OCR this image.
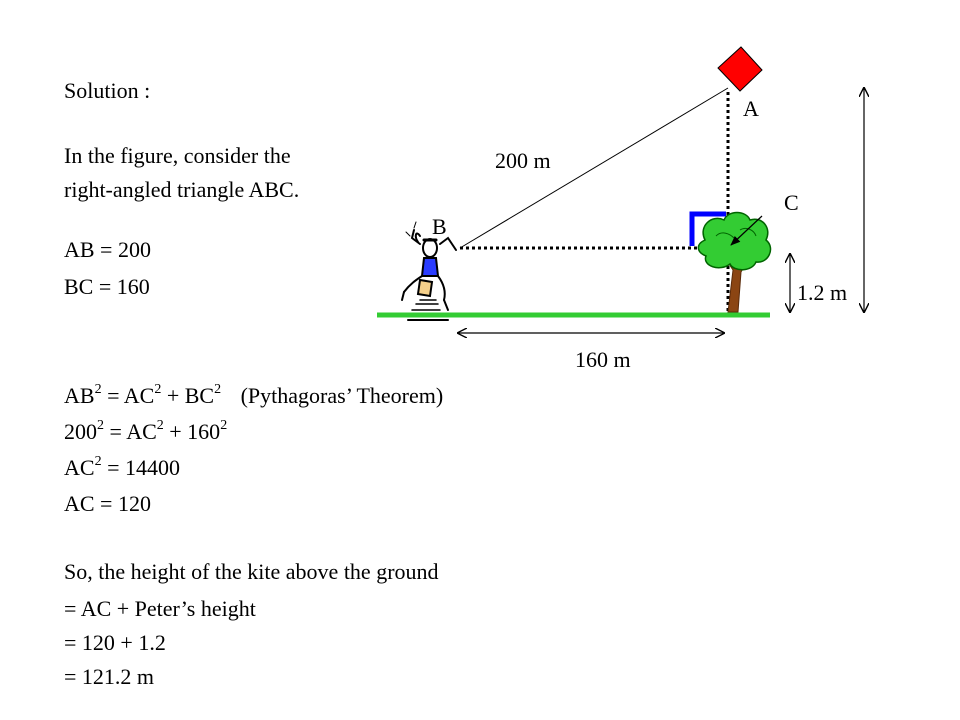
Solution :
In the figure, consider the
right-angled triangle ABC.
AB = 200
BC = 160
$AB^2 = AC^2 + BC^2$ (Pythagoras’ Theorem)
$200^2 = AC^2 + 160^2$
$AC^2 = 14400$
AC = 120
So, the height of the kite above the ground
= AC + Peter’s height
= 120 + 1.2
= 121.2 m
A
B
C
200 m
160 m
1.2 m
